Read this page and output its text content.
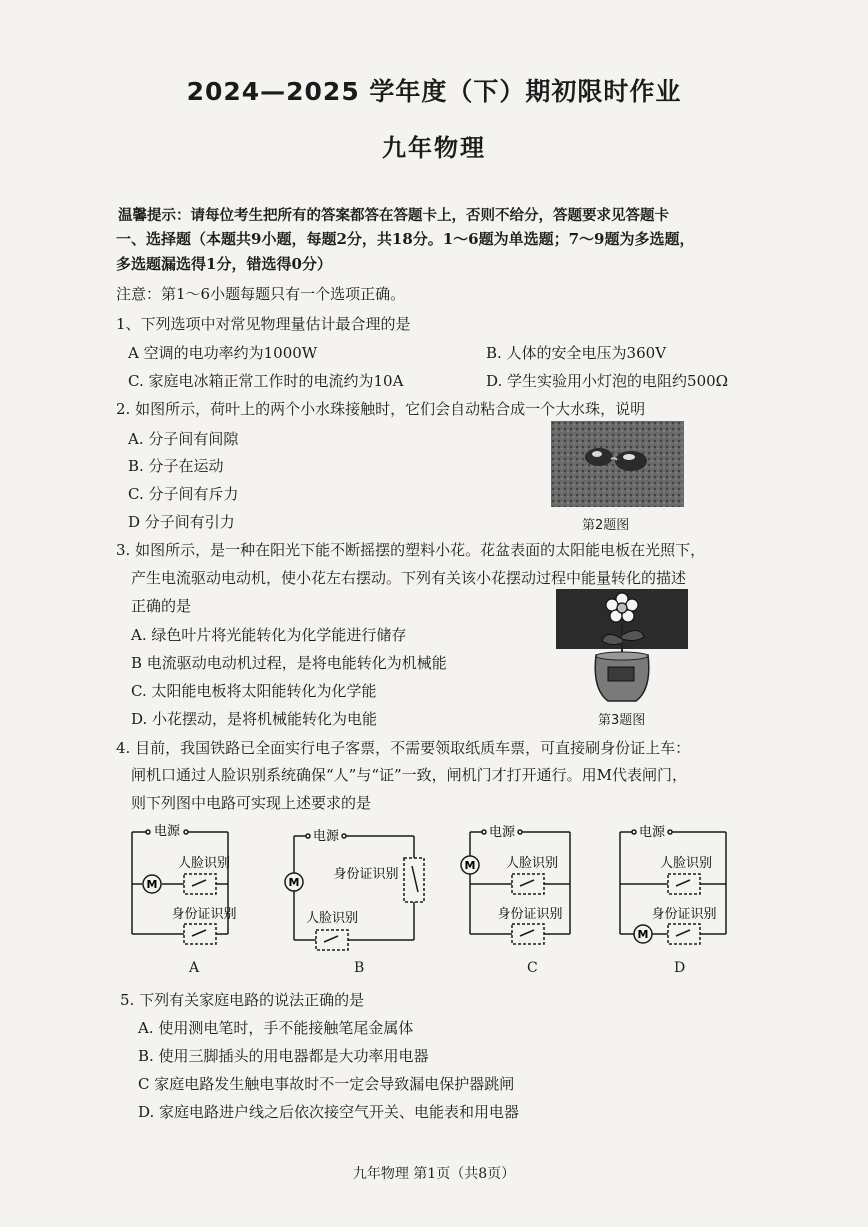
2024—2025 学年度（下）期初限时作业
九年物理
温馨提示：请每位考生把所有的答案都答在答题卡上，否则不给分，答题要求见答题卡
一、选择题（本题共9小题，每题2分，共18分。1～6题为单选题；7～9题为多选题，
多选题漏选得1分，错选得0分）
注意：第1～6小题每题只有一个选项正确。
1、下列选项中对常见物理量估计最合理的是
A 空调的电功率约为1000W	B. 人体的安全电压为360V
C. 家庭电冰箱正常工作时的电流约为10A	D. 学生实验用小灯泡的电阻约500Ω
2. 如图所示，荷叶上的两个小水珠接触时，它们会自动粘合成一个大水珠，说明
A. 分子间有间隙
B. 分子在运动
C. 分子间有斥力
D 分子间有引力	第2题图
3. 如图所示，是一种在阳光下能不断摇摆的塑料小花。花盆表面的太阳能电板在光照下，
产生电流驱动电动机，使小花左右摆动。下列有关该小花摆动过程中能量转化的描述
正确的是
A. 绿色叶片将光能转化为化学能进行储存
B 电流驱动电动机过程，是将电能转化为机械能
C. 太阳能电板将太阳能转化为化学能
D. 小花摆动，是将机械能转化为电能	第3题图
4. 目前，我国铁路已全面实行电子客票，不需要领取纸质车票，可直接刷身份证上车：
闸机口通过人脸识别系统确保“人”与“证”一致，闸机门才打开通行。用M代表闸门，
则下列图中电路可实现上述要求的是
M
电源
人脸识别
身份证识别
A
M
电源
身份证识别
人脸识别
B
M
电源
人脸识别
身份证识别
C
M
电源
人脸识别
身份证识别
D
5. 下列有关家庭电路的说法正确的是
A. 使用测电笔时，手不能接触笔尾金属体
B. 使用三脚插头的用电器都是大功率用电器
C 家庭电路发生触电事故时不一定会导致漏电保护器跳闸
D. 家庭电路进户线之后依次接空气开关、电能表和用电器
九年物理 第1页（共8页）
